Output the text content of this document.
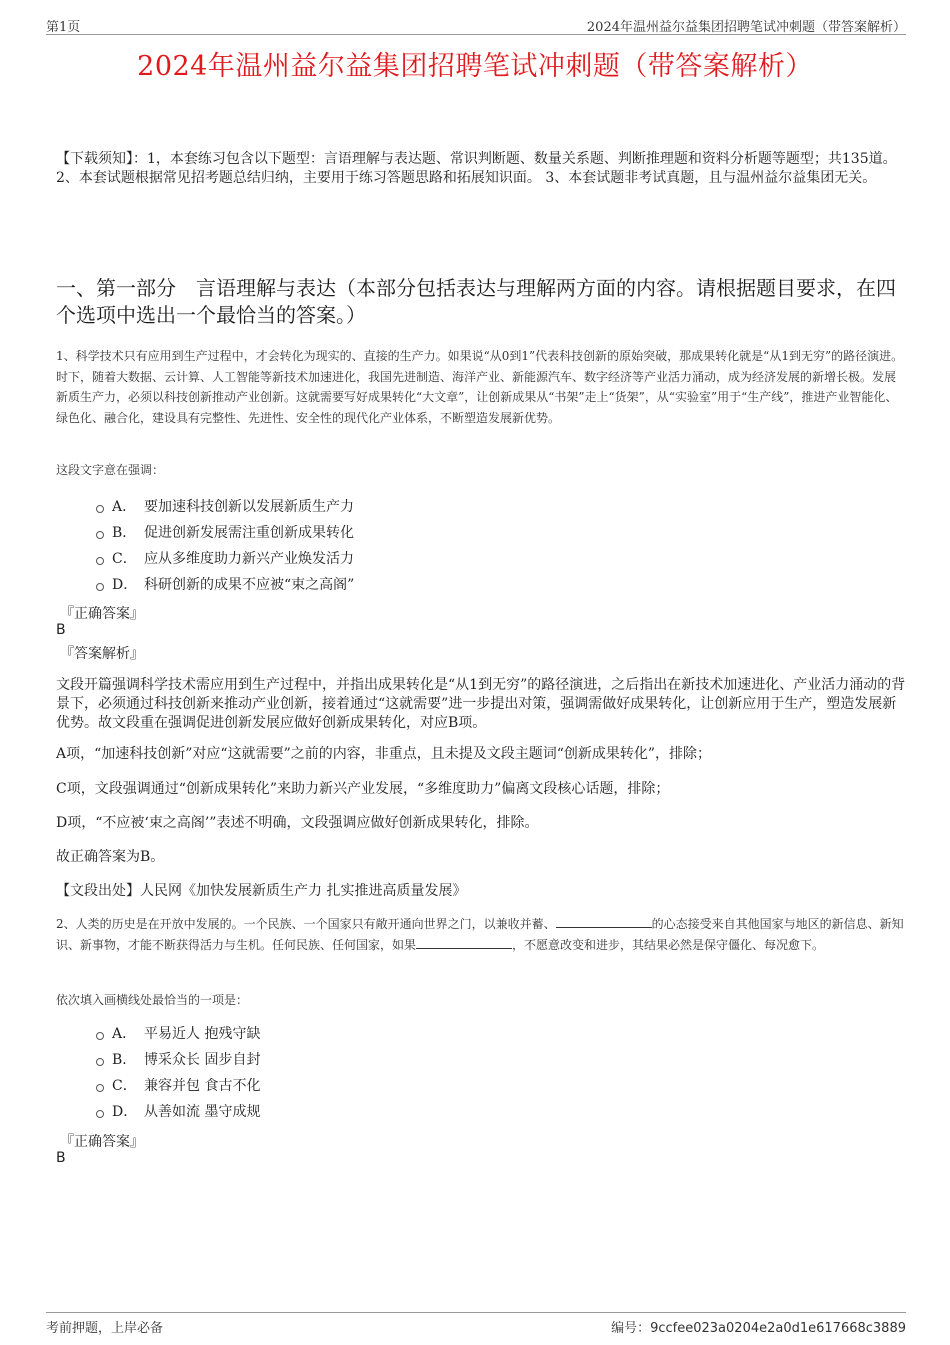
第1页	2024年温州益尔益集团招聘笔试冲刺题（带答案解析）
2024年温州益尔益集团招聘笔试冲刺题（带答案解析）
【下载须知】：1，本套练习包含以下题型：言语理解与表达题、常识判断题、数量关系题、判断推理题和资料分析题等题型；共135道。 2、本套试题根据常见招考题总结归纳，主要用于练习答题思路和拓展知识面。 3、本套试题非考试真题，且与温州益尔益集团无关。
一、第一部分　言语理解与表达（本部分包括表达与理解两方面的内容。请根据题目要求，在四个选项中选出一个最恰当的答案。）
1、科学技术只有应用到生产过程中，才会转化为现实的、直接的生产力。如果说“从0到1”代表科技创新的原始突破，那成果转化就是“从1到无穷”的路径演进。时下，随着大数据、云计算、人工智能等新技术加速进化，我国先进制造、海洋产业、新能源汽车、数字经济等产业活力涌动，成为经济发展的新增长极。发展新质生产力，必须以科技创新推动产业创新。这就需要写好成果转化“大文章”，让创新成果从“书架”走上“货架”，从“实验室”用于“生产线”，推进产业智能化、绿色化、融合化，建设具有完整性、先进性、安全性的现代化产业体系，不断塑造发展新优势。
这段文字意在强调：
A． 要加速科技创新以发展新质生产力
B． 促进创新发展需注重创新成果转化
C． 应从多维度助力新兴产业焕发活力
D． 科研创新的成果不应被“束之高阁”
『正确答案』
B
『答案解析』
文段开篇强调科学技术需应用到生产过程中，并指出成果转化是“从1到无穷”的路径演进，之后指出在新技术加速进化、产业活力涌动的背景下，必须通过科技创新来推动产业创新，接着通过“这就需要”进一步提出对策，强调需做好成果转化，让创新应用于生产，塑造发展新优势。故文段重在强调促进创新发展应做好创新成果转化，对应B项。
A项，“加速科技创新”对应“这就需要”之前的内容，非重点，且未提及文段主题词“创新成果转化”，排除；
C项，文段强调通过“创新成果转化”来助力新兴产业发展，“多维度助力”偏离文段核心话题，排除；
D项，“不应被‘束之高阁’”表述不明确，文段强调应做好创新成果转化，排除。
故正确答案为B。
【文段出处】人民网《加快发展新质生产力 扎实推进高质量发展》
2、人类的历史是在开放中发展的。一个民族、一个国家只有敞开通向世界之门，以兼收并蓄、	的心态接受来自其他国家与地区的新信息、新知识、新事物，才能不断获得活力与生机。任何民族、任何国家，如果	，不愿意改变和进步，其结果必然是保守僵化、每况愈下。
依次填入画横线处最恰当的一项是：
A． 平易近人 抱残守缺
B． 博采众长 固步自封
C． 兼容并包 食古不化
D． 从善如流 墨守成规
『正确答案』
B
考前押题，上岸必备	编号：9ccfee023a0204e2a0d1e617668c3889
